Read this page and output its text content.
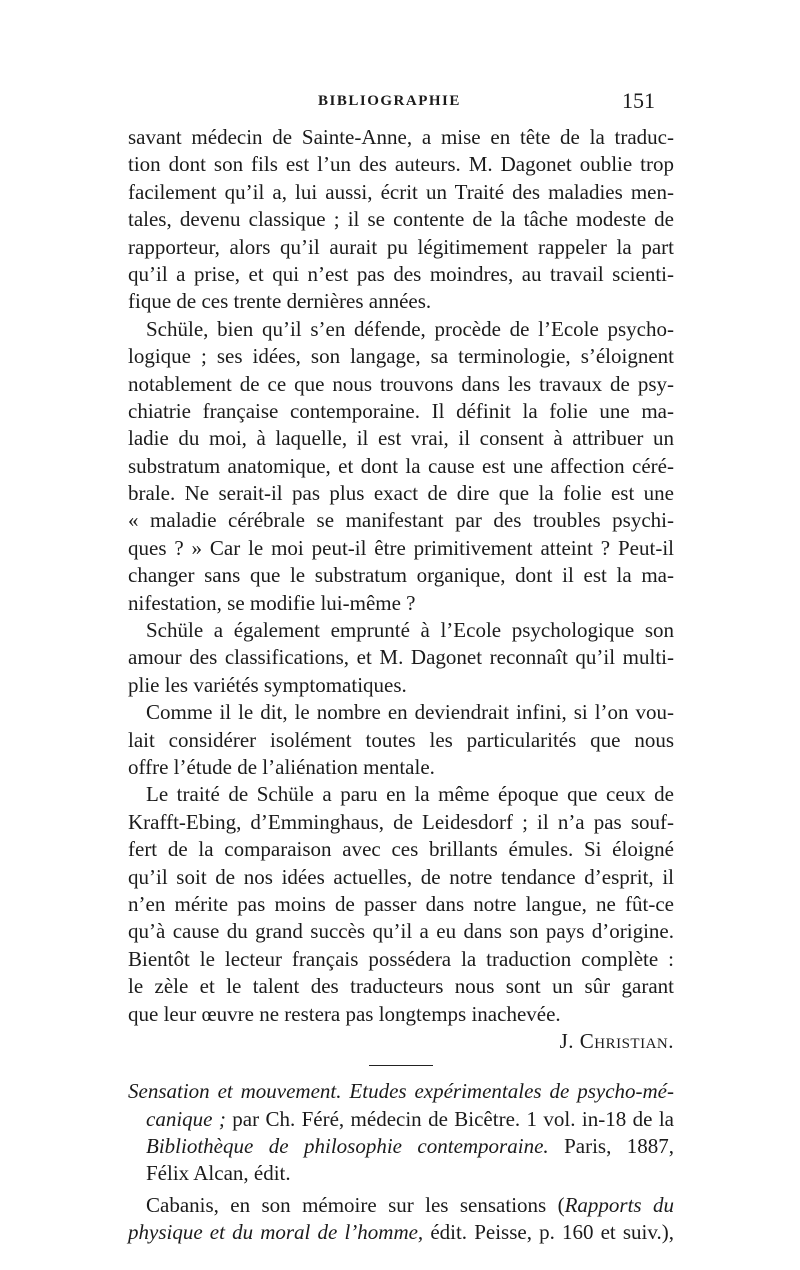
BIBLIOGRAPHIE	151
savant médecin de Sainte-Anne, a mise en tête de la traduc-
tion dont son fils est l’un des auteurs. M. Dagonet oublie trop
facilement qu’il a, lui aussi, écrit un Traité des maladies men-
tales, devenu classique ; il se contente de la tâche modeste de
rapporteur, alors qu’il aurait pu légitimement rappeler la part
qu’il a prise, et qui n’est pas des moindres, au travail scienti-
fique de ces trente dernières années.
Schüle, bien qu’il s’en défende, procède de l’Ecole psycho-
logique ; ses idées, son langage, sa terminologie, s’éloignent
notablement de ce que nous trouvons dans les travaux de psy-
chiatrie française contemporaine. Il définit la folie une ma-
ladie du moi, à laquelle, il est vrai, il consent à attribuer un
substratum anatomique, et dont la cause est une affection céré-
brale. Ne serait-il pas plus exact de dire que la folie est une
« maladie cérébrale se manifestant par des troubles psychi-
ques ? » Car le moi peut-il être primitivement atteint ? Peut-il
changer sans que le substratum organique, dont il est la ma-
nifestation, se modifie lui-même ?
Schüle a également emprunté à l’Ecole psychologique son
amour des classifications, et M. Dagonet reconnaît qu’il multi-
plie les variétés symptomatiques.
Comme il le dit, le nombre en deviendrait infini, si l’on vou-
lait considérer isolément toutes les particularités que nous
offre l’étude de l’aliénation mentale.
Le traité de Schüle a paru en la même époque que ceux de
Krafft-Ebing, d’Emminghaus, de Leidesdorf ; il n’a pas souf-
fert de la comparaison avec ces brillants émules. Si éloigné
qu’il soit de nos idées actuelles, de notre tendance d’esprit, il
n’en mérite pas moins de passer dans notre langue, ne fût-ce
qu’à cause du grand succès qu’il a eu dans son pays d’origine.
Bientôt le lecteur français possédera la traduction complète :
le zèle et le talent des traducteurs nous sont un sûr garant
que leur œuvre ne restera pas longtemps inachevée.
J. Christian.
Sensation et mouvement. Etudes expérimentales de psycho-mé-
canique ; par Ch. Féré, médecin de Bicêtre. 1 vol. in-18 de la
Bibliothèque de philosophie contemporaine. Paris, 1887,
Félix Alcan, édit.
Cabanis, en son mémoire sur les sensations (Rapports du
physique et du moral de l’homme, édit. Peisse, p. 160 et suiv.),
